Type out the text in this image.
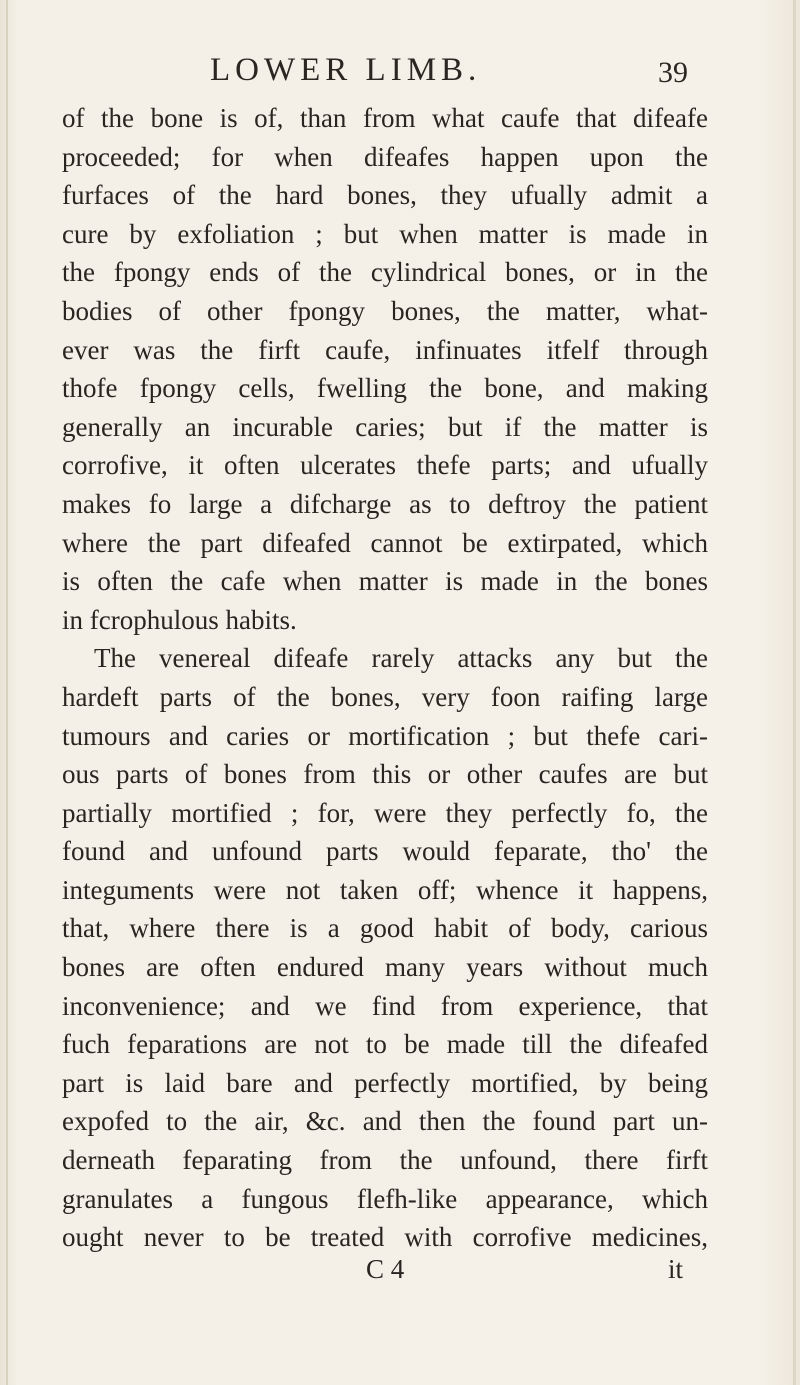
LOWER LIMB.	39
of the bone is of, than from what caufe that difeafe
proceeded; for when difeafes happen upon the
furfaces of the hard bones, they ufually admit a
cure by exfoliation ; but when matter is made in
the fpongy ends of the cylindrical bones, or in the
bodies of other fpongy bones, the matter, what-
ever was the firft caufe, infinuates itfelf through
thofe fpongy cells, fwelling the bone, and making
generally an incurable caries; but if the matter is
corrofive, it often ulcerates thefe parts; and ufually
makes fo large a difcharge as to deftroy the patient
where the part difeafed cannot be extirpated, which
is often the cafe when matter is made in the bones
in fcrophulous habits.
The venereal difeafe rarely attacks any but the
hardeft parts of the bones, very foon raifing large
tumours and caries or mortification ; but thefe cari-
ous parts of bones from this or other caufes are but
partially mortified ; for, were they perfectly fo, the
found and unfound parts would feparate, tho' the
integuments were not taken off; whence it happens,
that, where there is a good habit of body, carious
bones are often endured many years without much
inconvenience; and we find from experience, that
fuch feparations are not to be made till the difeafed
part is laid bare and perfectly mortified, by being
expofed to the air, &c. and then the found part un-
derneath feparating from the unfound, there firft
granulates a fungous flefh-like appearance, which
ought never to be treated with corrofive medicines,
C 4	it
